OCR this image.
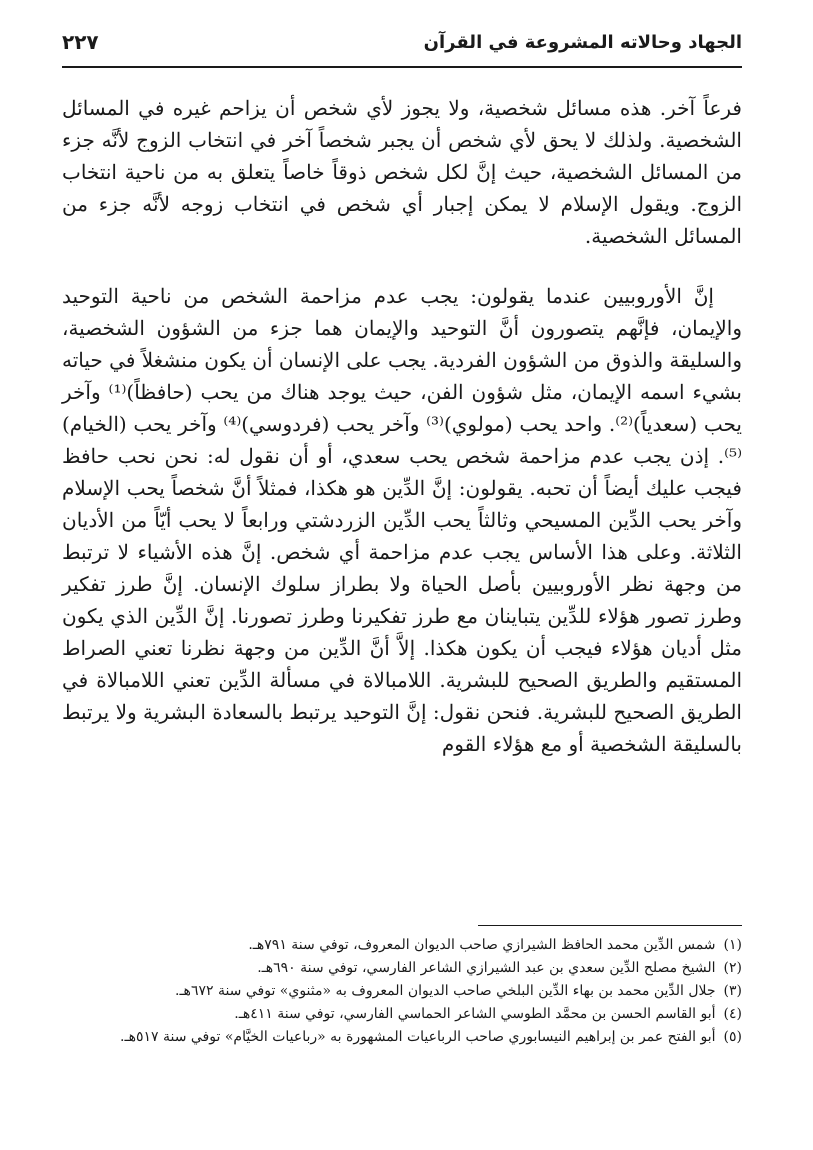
الجهاد وحالاته المشروعة في القرآن
٢٢٧

فرعاً آخر. هذه مسائل شخصية، ولا يجوز لأي شخص أن يزاحم غيره في المسائل الشخصية. ولذلك لا يحق لأي شخص أن يجبر شخصاً آخر في انتخاب الزوج لأنَّه جزء من المسائل الشخصية، حيث إنَّ لكل شخص ذوقاً خاصاً يتعلق به من ناحية انتخاب الزوج. ويقول الإسلام لا يمكن إجبار أي شخص في انتخاب زوجه لأنَّه جزء من المسائل الشخصية.

إنَّ الأوروبيين عندما يقولون: يجب عدم مزاحمة الشخص من ناحية التوحيد والإيمان، فإنَّهم يتصورون أنَّ التوحيد والإيمان هما جزء من الشؤون الشخصية، والسليقة والذوق من الشؤون الفردية. يجب على الإنسان أن يكون منشغلاً في حياته بشيء اسمه الإيمان، مثل شؤون الفن، حيث يوجد هناك من يحب (حافظاً)⁽¹⁾ وآخر يحب (سعدياً)⁽²⁾. واحد يحب (مولوي)⁽³⁾ وآخر يحب (فردوسي)⁽⁴⁾ وآخر يحب (الخيام)⁽⁵⁾. إذن يجب عدم مزاحمة شخص يحب سعدي، أو أن نقول له: نحن نحب حافظ فيجب عليك أيضاً أن تحبه. يقولون: إنَّ الدِّين هو هكذا، فمثلاً أنَّ شخصاً يحب الإسلام وآخر يحب الدِّين المسيحي وثالثاً يحب الدِّين الزردشتي ورابعاً لا يحب أيّاً من الأديان الثلاثة. وعلى هذا الأساس يجب عدم مزاحمة أي شخص. إنَّ هذه الأشياء لا ترتبط من وجهة نظر الأوروبيين بأصل الحياة ولا بطراز سلوك الإنسان. إنَّ طرز تفكير وطرز تصور هؤلاء للدِّين يتباينان مع طرز تفكيرنا وطرز تصورنا. إنَّ الدِّين الذي يكون مثل أديان هؤلاء فيجب أن يكون هكذا. إلاَّ أنَّ الدِّين من وجهة نظرنا تعني الصراط المستقيم والطريق الصحيح للبشرية. اللامبالاة في مسألة الدِّين تعني اللامبالاة في الطريق الصحيح للبشرية. فنحن نقول: إنَّ التوحيد يرتبط بالسعادة البشرية ولا يرتبط بالسليقة الشخصية أو مع هؤلاء القوم

(١)
شمس الدِّين محمد الحافظ الشيرازي صاحب الديوان المعروف، توفي سنة ٧٩١هـ.
(٢)
الشيخ مصلح الدِّين سعدي بن عبد الشيرازي الشاعر الفارسي، توفي سنة ٦٩٠هـ.
(٣)
جلال الدِّين محمد بن بهاء الدِّين البلخي صاحب الديوان المعروف به «مثنوي» توفي سنة ٦٧٢هـ.
(٤)
أبو القاسم الحسن بن محمَّد الطوسي الشاعر الحماسي الفارسي، توفي سنة ٤١١هـ.
(٥)
أبو الفتح عمر بن إبراهيم النيسابوري صاحب الرباعيات المشهورة به «رباعيات الخيَّام» توفي سنة ٥١٧هـ.
